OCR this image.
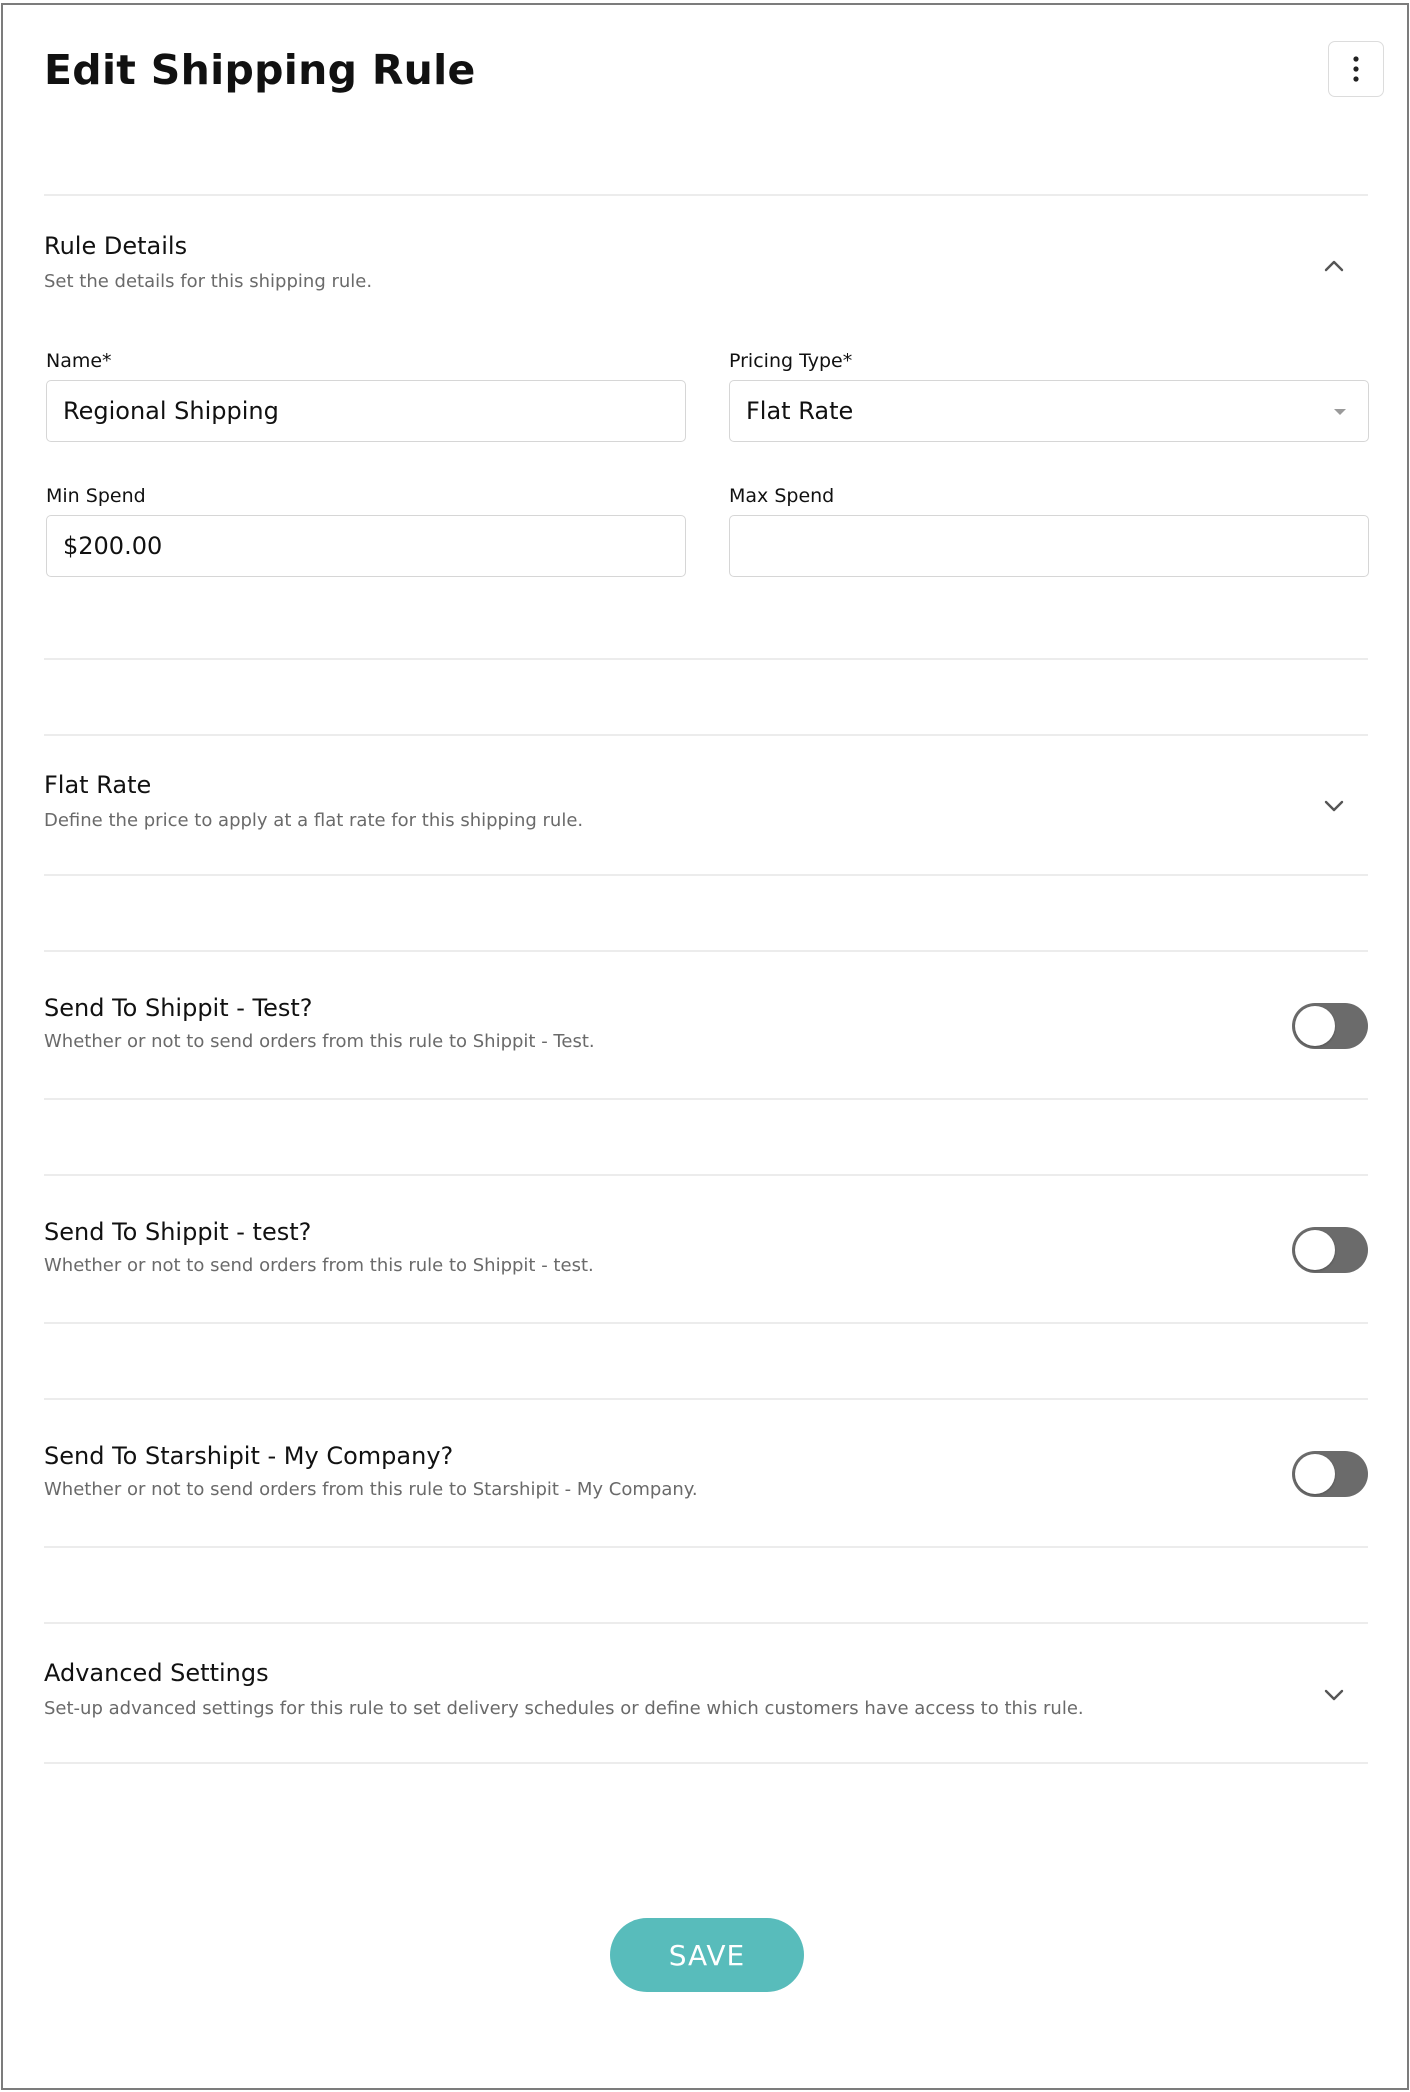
Edit Shipping Rule
Rule Details
Set the details for this shipping rule.
Name*
Regional Shipping	Pricing Type*
Flat Rate
Min Spend
$200.00	Max Spend
Flat Rate
Define the price to apply at a flat rate for this shipping rule.
Send To Shippit - Test?
Whether or not to send orders from this rule to Shippit - Test.
Send To Shippit - test?
Whether or not to send orders from this rule to Shippit - test.
Send To Starshipit - My Company?
Whether or not to send orders from this rule to Starshipit - My Company.
Advanced Settings
Set-up advanced settings for this rule to set delivery schedules or define which customers have access to this rule.
SAVE
